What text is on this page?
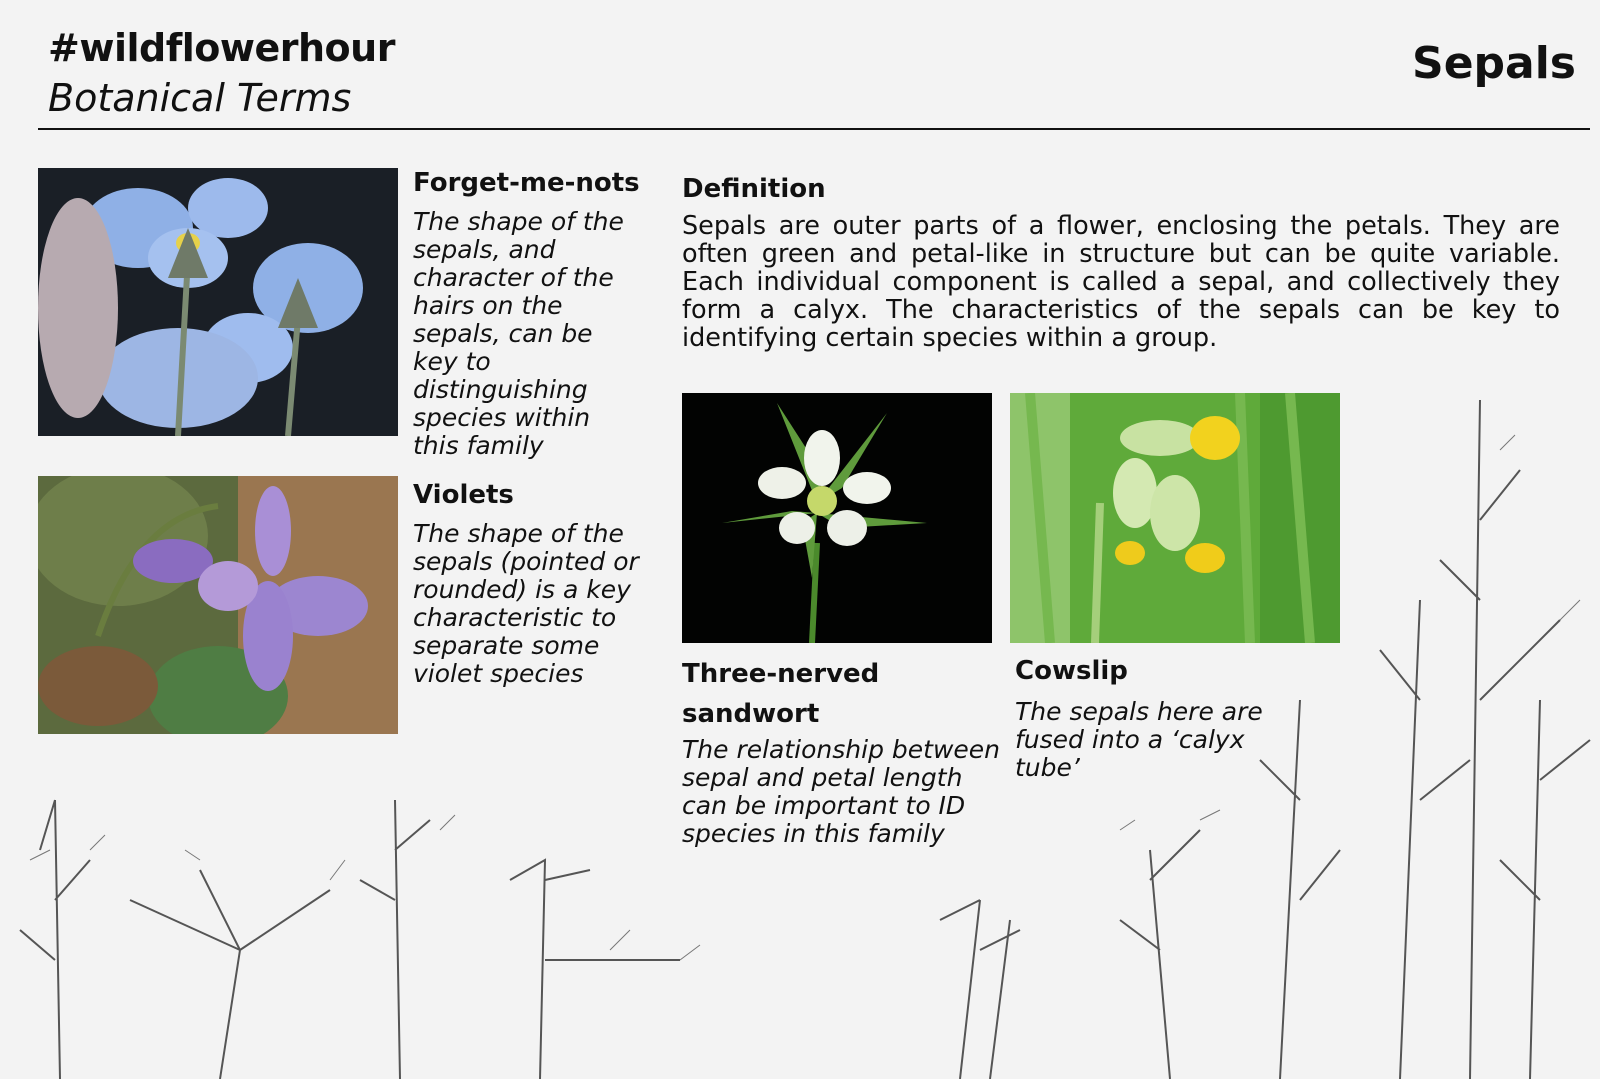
#wildflowerhour
Botanical Terms
Sepals
Forget-me-nots
The shape of the sepals, and character of the hairs on the sepals, can be key to distinguishing species within this family
Violets
The shape of the sepals (pointed or rounded) is a key characteristic to separate some violet species
Definition
Sepals are outer parts of a flower, enclosing the petals. They are often green and petal-like in structure but can be quite variable. Each individual component is called a sepal, and collectively they form a calyx. The characteristics of the sepals can be key to identifying certain species within a group.
Three-nerved sandwort
The relationship between sepal and petal length can be important to ID species in this family
Cowslip
The sepals here are fused into a ‘calyx tube’
